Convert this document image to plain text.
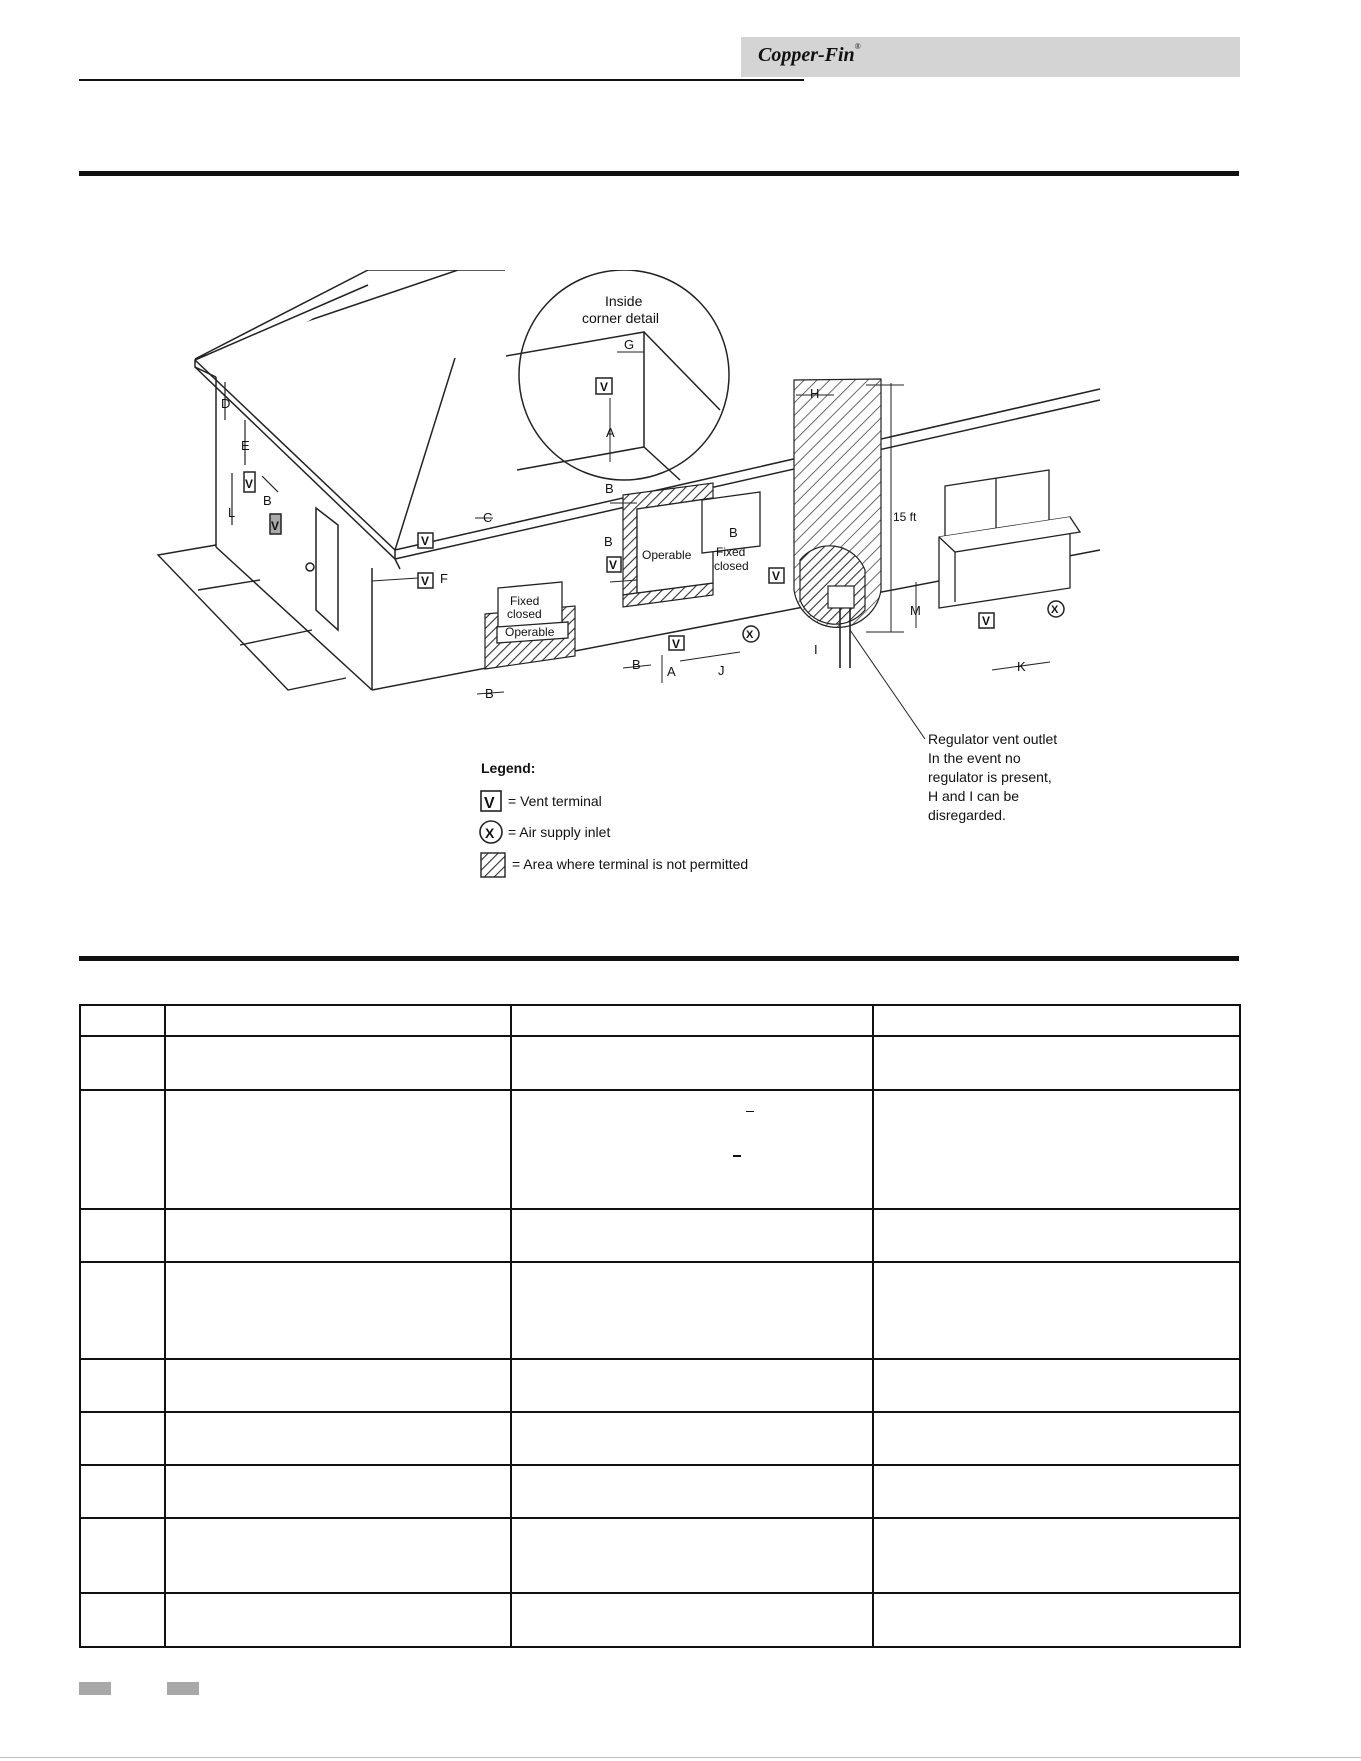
Copper-Fin®
D
E
L
B
V
V
Inside
corner detail
G
A
V
Fixed
closed
Operable
V
V
C
F
B
Operable Fixed
closed
V
V
V
X
B
B
B
B A	J
H
I
15 ft
V
X
M
K
Regulator vent outlet
In the event no
regulator is present,
H and I can be
disregarded.
Legend:
V = Vent terminal
X = Air supply inlet
= Area where terminal is not permitted
